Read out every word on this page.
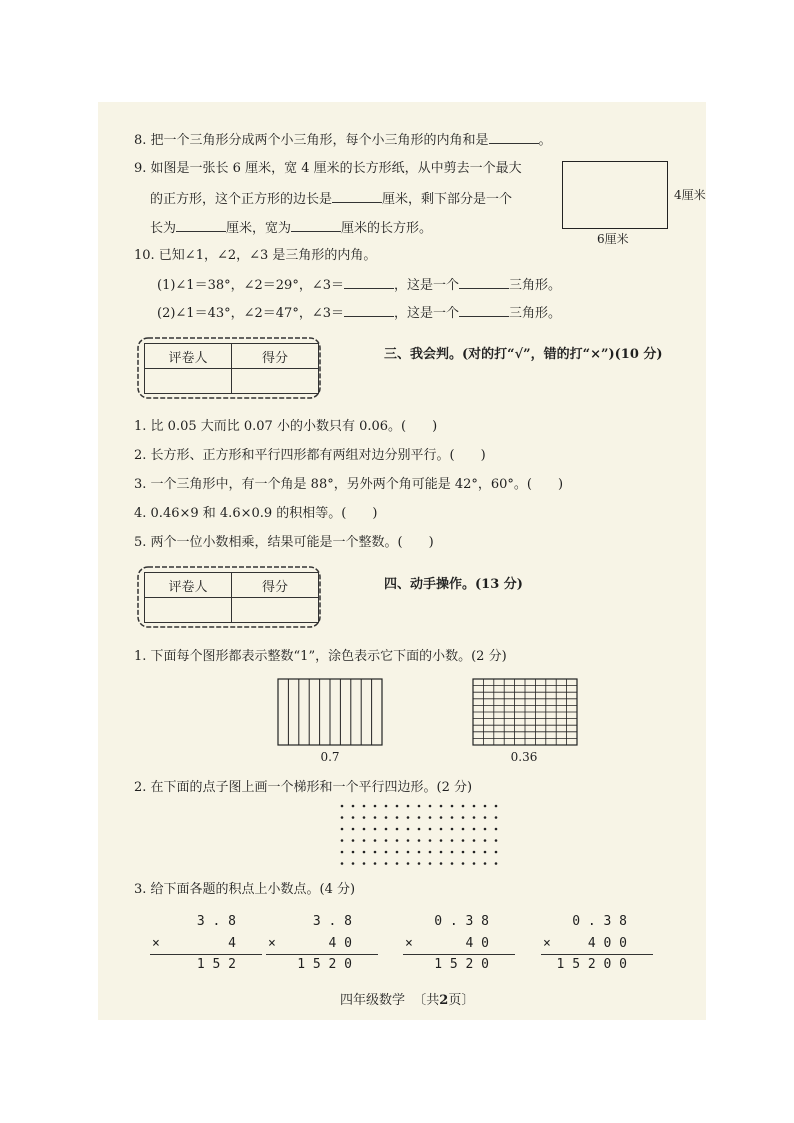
8. 把一个三角形分成两个小三角形，每个小三角形的内角和是	。
9. 如图是一张长 6 厘米，宽 4 厘米的长方形纸，从中剪去一个最大
的正方形，这个正方形的边长是	厘米，剩下部分是一个
长为	厘米，宽为	厘米的长方形。
4厘米
6厘米
10. 已知∠1，∠2，∠3 是三角形的内角。
(1)∠1＝38°，∠2＝29°，∠3＝	，这是一个	三角形。
(2)∠1＝43°，∠2＝47°，∠3＝	，这是一个	三角形。
评卷人	得分
		三、我会判。(对的打“√”，错的打“×”)(10 分)
1. 比 0.05 大而比 0.07 小的小数只有 0.06。( )
2. 长方形、正方形和平行四形都有两组对边分别平行。( )
3. 一个三角形中，有一个角是 88°，另外两个角可能是 42°，60°。( )
4. 0.46×9 和 4.6×0.9 的积相等。( )
5. 两个一位小数相乘，结果可能是一个整数。( )
评卷人	得分
		四、动手操作。(13 分)
1. 下面每个图形都表示整数“1”，涂色表示它下面的小数。(2 分)
0.7	0.36
2. 在下面的点子图上画一个梯形和一个平行四边形。(2 分)
3. 给下面各题的积点上小数点。(4 分)
3 . 8
×	4
1 5 2
3 . 8
×	4 0
1 5 2 0
0 . 3 8
×	4 0
1 5 2 0
0 . 3 8
×	4 0 0
1 5 2 0 0
四年级数学 〔共2页〕
